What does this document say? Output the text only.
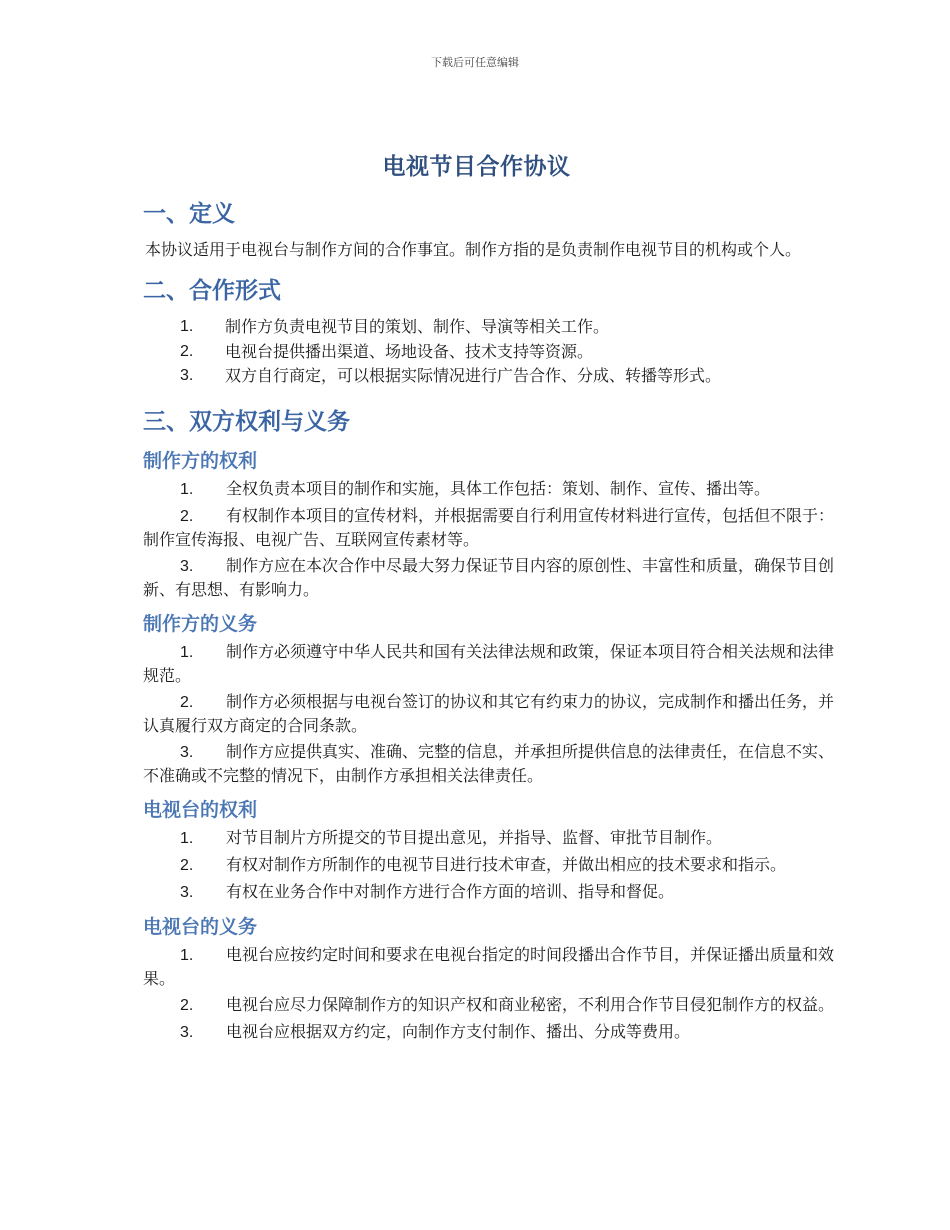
下载后可任意编辑
电视节目合作协议
一、定义
本协议适用于电视台与制作方间的合作事宜。制作方指的是负责制作电视节目的机构或个人。
二、合作形式
1. 制作方负责电视节目的策划、制作、导演等相关工作。
2. 电视台提供播出渠道、场地设备、技术支持等资源。
3. 双方自行商定，可以根据实际情况进行广告合作、分成、转播等形式。
三、双方权利与义务
制作方的权利
1. 全权负责本项目的制作和实施，具体工作包括：策划、制作、宣传、播出等。
2. 有权制作本项目的宣传材料，并根据需要自行利用宣传材料进行宣传，包括但不限于：制作宣传海报、电视广告、互联网宣传素材等。
3. 制作方应在本次合作中尽最大努力保证节目内容的原创性、丰富性和质量，确保节目创新、有思想、有影响力。
制作方的义务
1. 制作方必须遵守中华人民共和国有关法律法规和政策，保证本项目符合相关法规和法律规范。
2. 制作方必须根据与电视台签订的协议和其它有约束力的协议，完成制作和播出任务，并认真履行双方商定的合同条款。
3. 制作方应提供真实、准确、完整的信息，并承担所提供信息的法律责任，在信息不实、不准确或不完整的情况下，由制作方承担相关法律责任。
电视台的权利
1. 对节目制片方所提交的节目提出意见，并指导、监督、审批节目制作。
2. 有权对制作方所制作的电视节目进行技术审查，并做出相应的技术要求和指示。
3. 有权在业务合作中对制作方进行合作方面的培训、指导和督促。
电视台的义务
1. 电视台应按约定时间和要求在电视台指定的时间段播出合作节目，并保证播出质量和效果。
2. 电视台应尽力保障制作方的知识产权和商业秘密，不利用合作节目侵犯制作方的权益。
3. 电视台应根据双方约定，向制作方支付制作、播出、分成等费用。
